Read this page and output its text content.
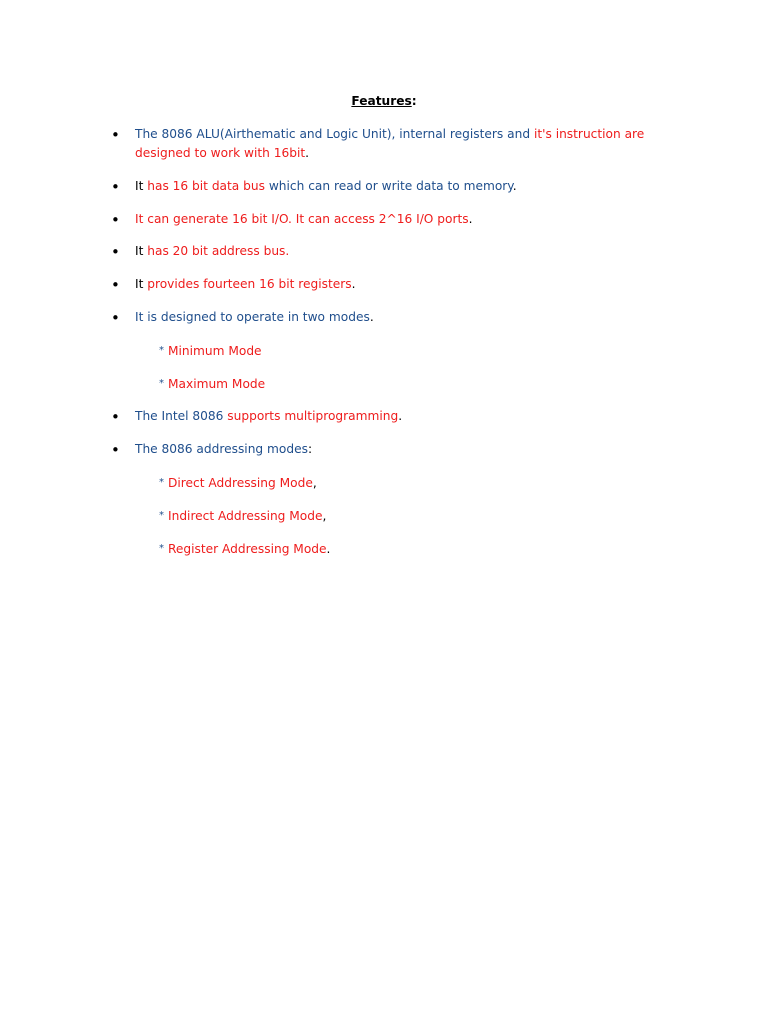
Features:
• The 8086 ALU(Airthematic and Logic Unit), internal registers and it's instruction are designed to work with 16bit.
• It has 16 bit data bus which can read or write data to memory.
• It can generate 16 bit I/O. It can access 2^16 I/O ports.
• It has 20 bit address bus.
• It provides fourteen 16 bit registers.
• It is designed to operate in two modes.
* Minimum Mode
* Maximum Mode
• The Intel 8086 supports multiprogramming.
• The 8086 addressing modes:
* Direct Addressing Mode,
* Indirect Addressing Mode,
* Register Addressing Mode.
